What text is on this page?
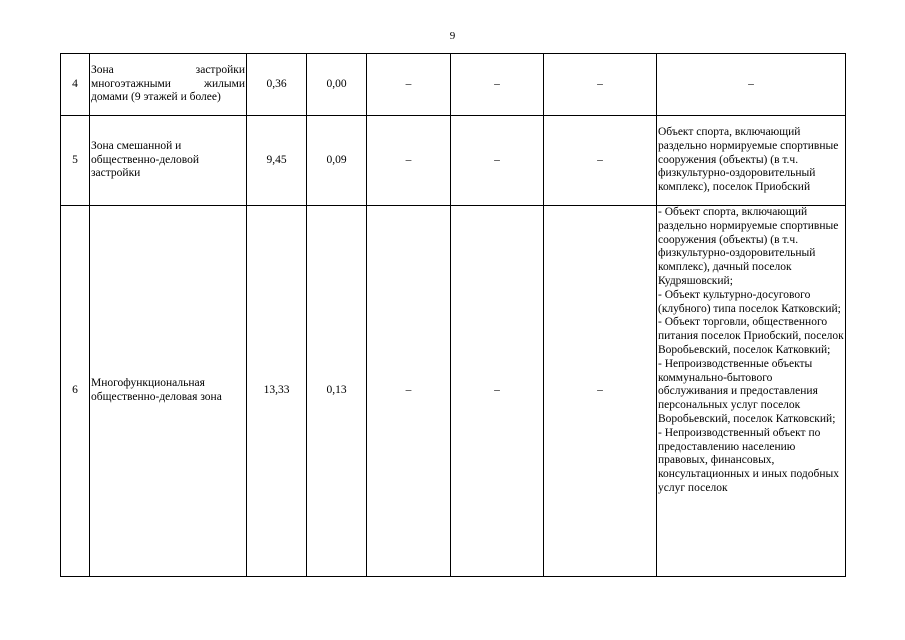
9
4	Зона застройки многоэтажными жилыми домами (9 этажей и более)	0,36	0,00	–	–	–	–
5	Зона смешанной и общественно-деловой застройки	9,45	0,09	–	–	–	Объект спорта, включающий раздельно нормируемые спортивные сооружения (объекты) (в т.ч. физкультурно-оздоровительный комплекс), поселок Приобский
6	Многофункциональная общественно-деловая зона	13,33	0,13	–	–	–	- Объект спорта, включающий раздельно нормируемые спортивные сооружения (объекты) (в т.ч. физкультурно-оздоровительный комплекс), дачный поселок Кудряшовский;
- Объект культурно-досугового (клубного) типа поселок Катковский;
- Объект торговли, общественного питания поселок Приобский, поселок Воробьевский, поселок Катковкий;
- Непроизводственные объекты коммунально-бытового обслуживания и предоставления персональных услуг поселок Воробьевский, поселок Катковский;
- Непроизводственный объект по предоставлению населению правовых, финансовых, консультационных и иных подобных услуг поселок
